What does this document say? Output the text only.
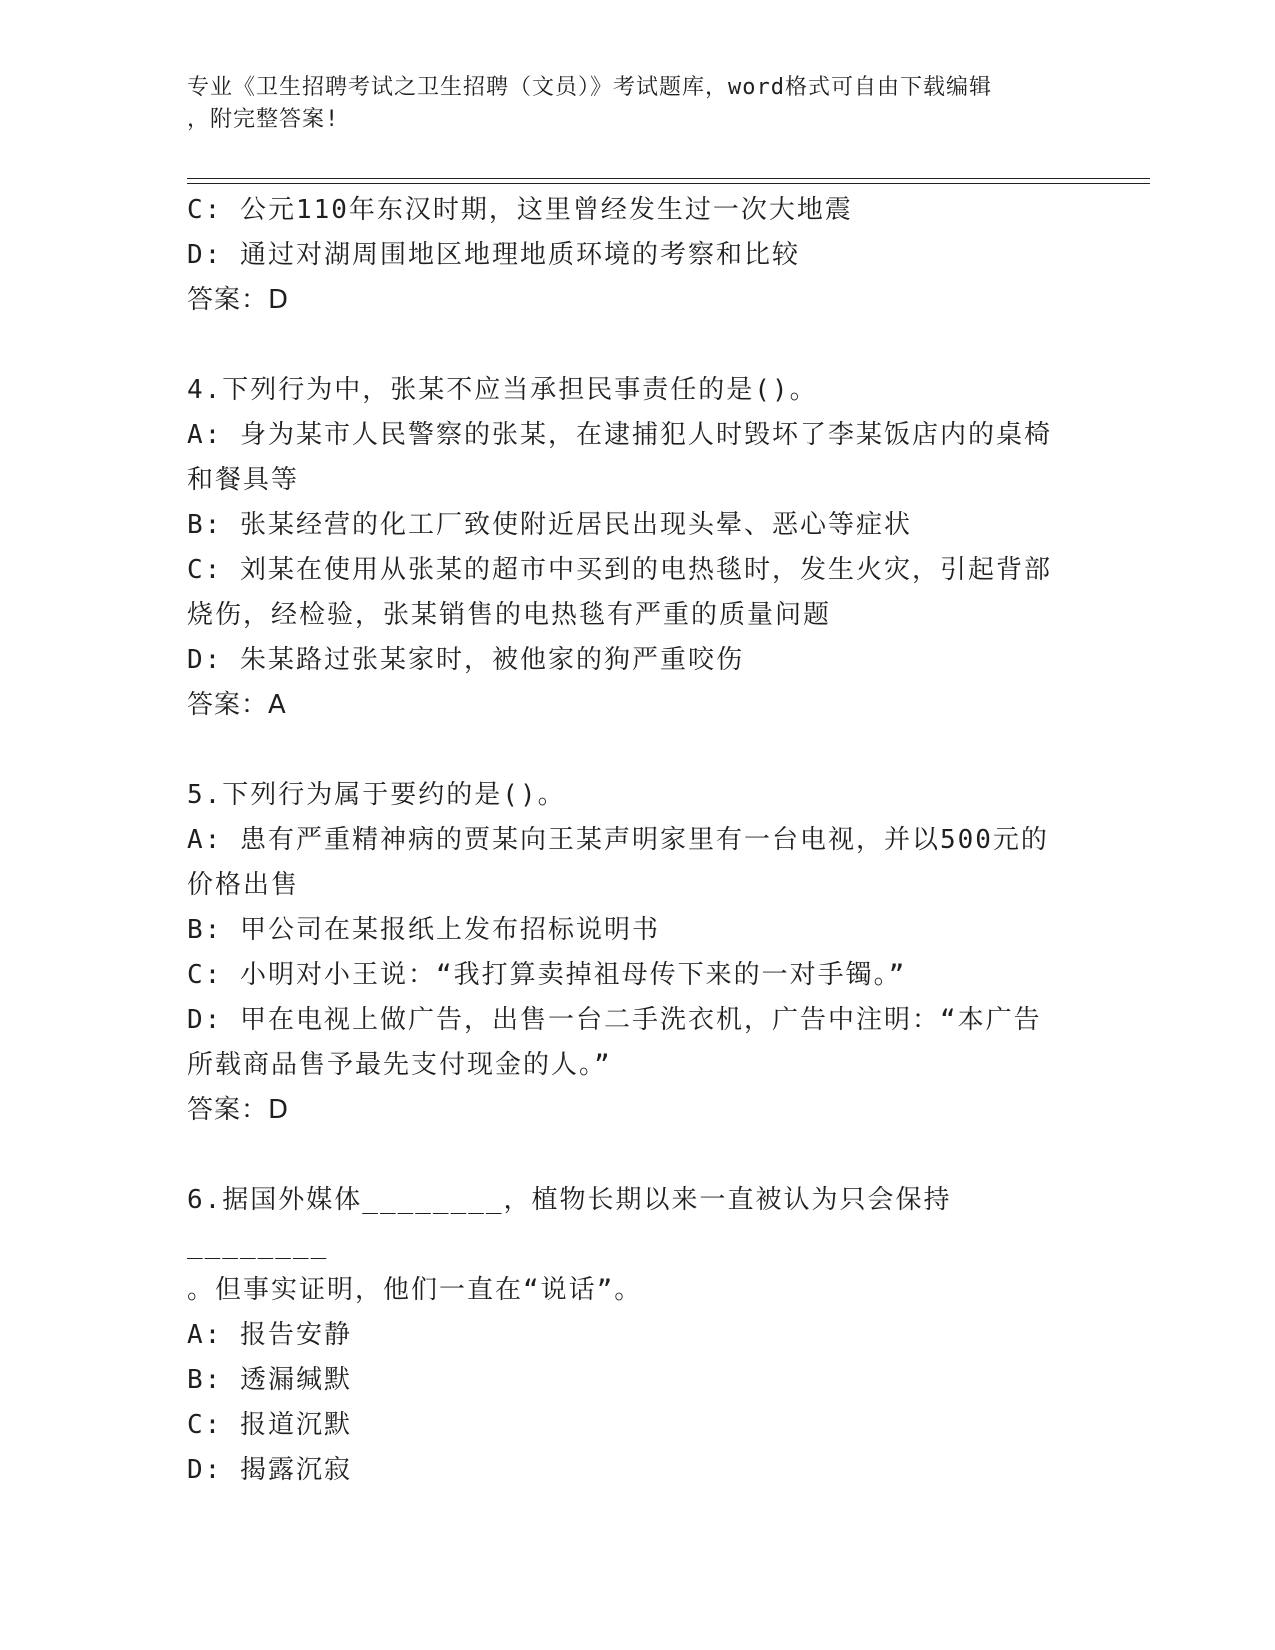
专业《卫生招聘考试之卫生招聘（文员）》考试题库，word格式可自由下载编辑
，附完整答案!

C: 公元110年东汉时期，这里曾经发生过一次大地震

D: 通过对湖周围地区地理地质环境的考察和比较

答案：D

4.下列行为中，张某不应当承担民事责任的是()。

A: 身为某市人民警察的张某，在逮捕犯人时毁坏了李某饭店内的桌椅

和餐具等

B: 张某经营的化工厂致使附近居民出现头晕、恶心等症状

C: 刘某在使用从张某的超市中买到的电热毯时，发生火灾，引起背部

烧伤，经检验，张某销售的电热毯有严重的质量问题

D: 朱某路过张某家时，被他家的狗严重咬伤

答案：A

5.下列行为属于要约的是()。

A: 患有严重精神病的贾某向王某声明家里有一台电视，并以500元的

价格出售

B: 甲公司在某报纸上发布招标说明书

C: 小明对小王说：“我打算卖掉祖母传下来的一对手镯。”

D: 甲在电视上做广告，出售一台二手洗衣机，广告中注明：“本广告

所载商品售予最先支付现金的人。”

答案：D

6.据国外媒体________，植物长期以来一直被认为只会保持________

。但事实证明，他们一直在“说话”。

A: 报告安静

B: 透漏缄默

C: 报道沉默

D: 揭露沉寂
